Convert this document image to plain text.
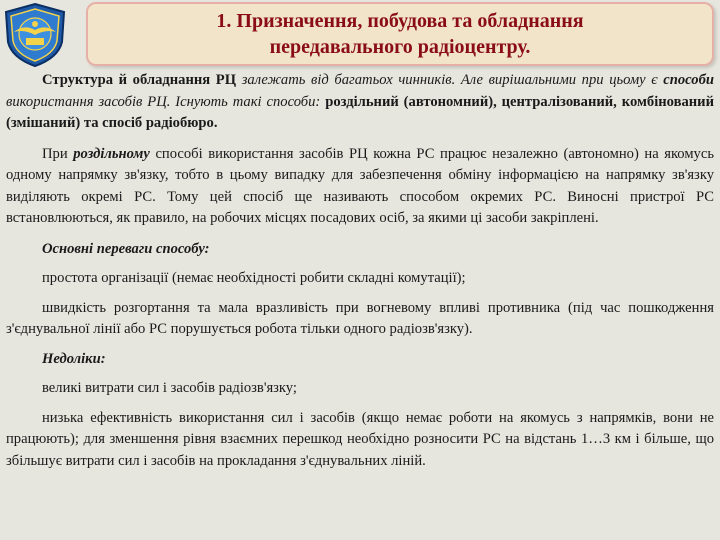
1. Призначення, побудова та обладнання
передавального радіоцентру.

Структура й обладнання РЦ залежать від багатьох чинників. Але вирішальними при цьому є способи використання засобів РЦ. Існують такі способи: роздільний (автономний), централізований, комбінований (змішаний) та спосіб радіобюро.

При роздільному способі використання засобів РЦ кожна РС працює незалежно (автономно) на якомусь одному напрямку зв'язку, тобто в цьому випадку для забезпечення обміну інформацією на напрямку зв'язку виділяють окремі РС. Тому цей спосіб ще називають способом окремих РС. Виносні пристрої РС встановлюються, як правило, на робочих місцях посадових осіб, за якими ці засоби закріплені.

Основні переваги способу:

простота організації (немає необхідності робити складні комутації);

швидкість розгортання та мала вразливість при вогневому впливі противника (під час пошкодження з'єднувальної лінії або РС порушується робота тільки одного радіозв'язку).

Недоліки:

великі витрати сил і засобів радіозв'язку;

низька ефективність використання сил і засобів (якщо немає роботи на якомусь з напрямків, вони не працюють); для зменшення рівня взаємних перешкод необхідно розносити РС на відстань 1…3 км і більше, що збільшує витрати сил і засобів на прокладання з'єднувальних ліній.
